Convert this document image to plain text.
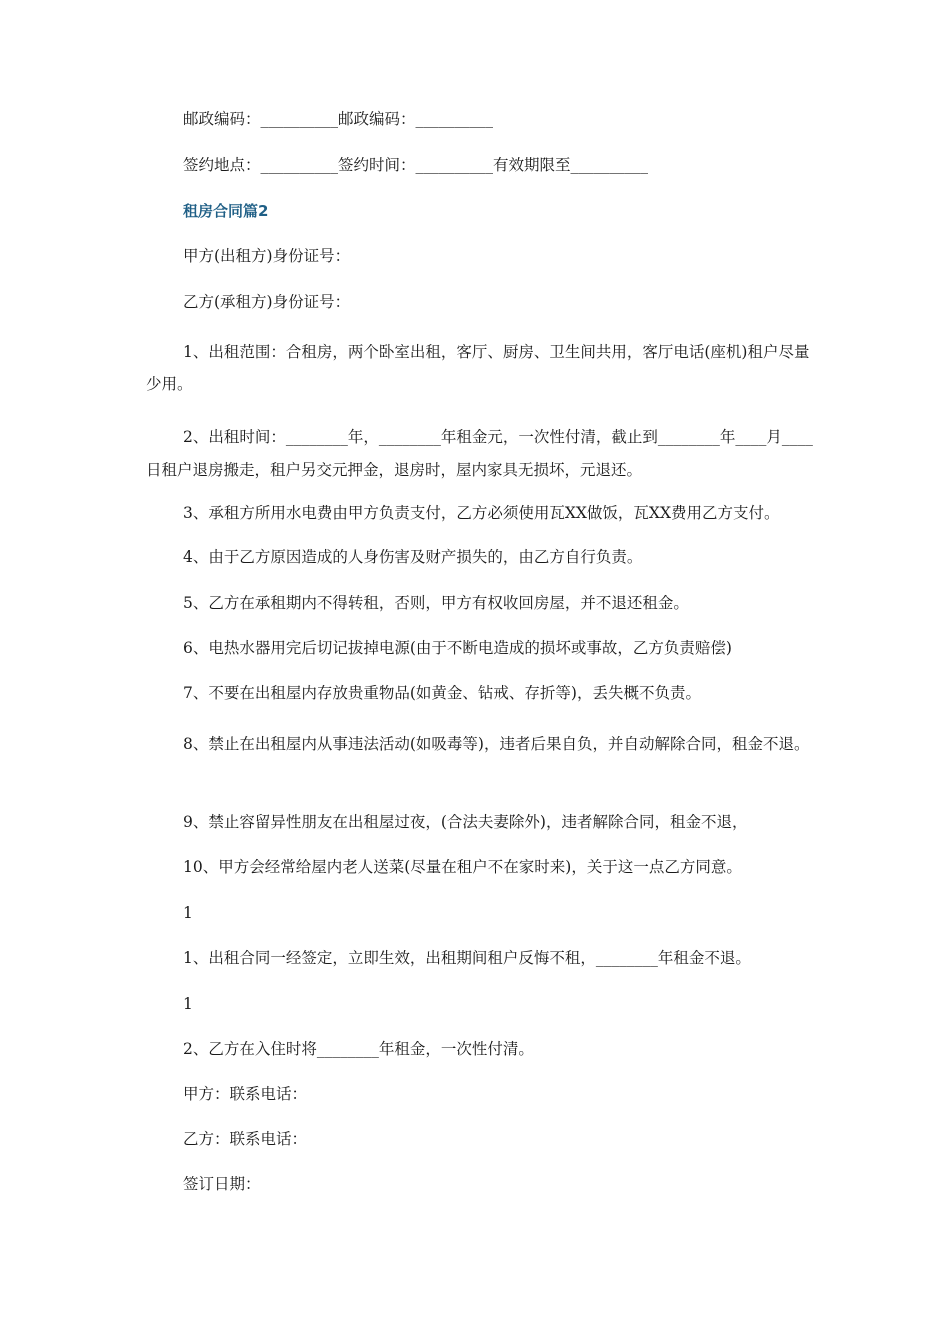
邮政编码：__________邮政编码：__________
签约地点：__________签约时间：__________有效期限至__________
租房合同篇2
甲方(出租方)身份证号：
乙方(承租方)身份证号：
1、出租范围：合租房，两个卧室出租，客厅、厨房、卫生间共用，客厅电话(座机)租户尽量少用。
2、出租时间：________年，________年租金元，一次性付清，截止到________年____月____日租户退房搬走，租户另交元押金，退房时，屋内家具无损坏，元退还。
3、承租方所用水电费由甲方负责支付，乙方必须使用瓦XX做饭，瓦XX费用乙方支付。
4、由于乙方原因造成的人身伤害及财产损失的，由乙方自行负责。
5、乙方在承租期内不得转租，否则，甲方有权收回房屋，并不退还租金。
6、电热水器用完后切记拔掉电源(由于不断电造成的损坏或事故，乙方负责赔偿)
7、不要在出租屋内存放贵重物品(如黄金、钻戒、存折等)，丢失概不负责。
8、禁止在出租屋内从事违法活动(如吸毒等)，违者后果自负，并自动解除合同，租金不退。
9、禁止容留异性朋友在出租屋过夜，(合法夫妻除外)，违者解除合同，租金不退，
10、甲方会经常给屋内老人送菜(尽量在租户不在家时来)，关于这一点乙方同意。
1
1、出租合同一经签定，立即生效，出租期间租户反悔不租，________年租金不退。
1
2、乙方在入住时将________年租金，一次性付清。
甲方：联系电话：
乙方：联系电话：
签订日期：
